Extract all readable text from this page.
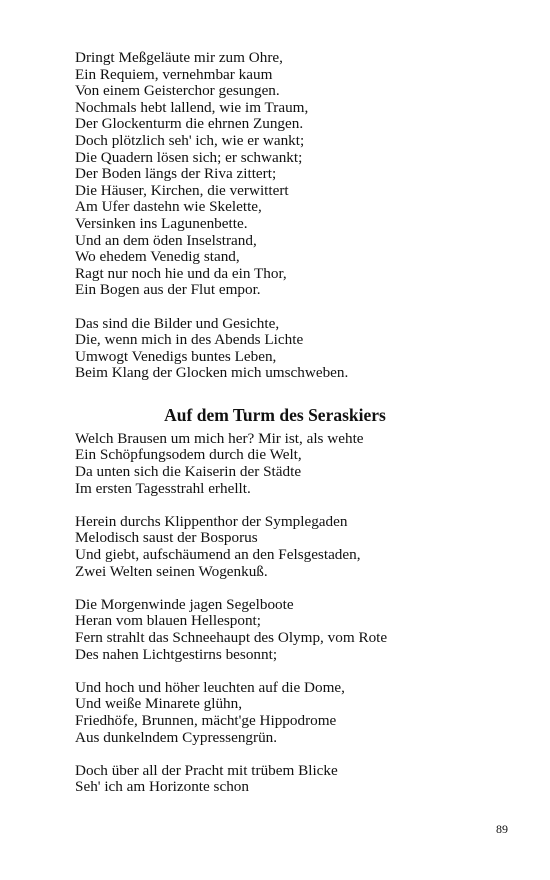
Dringt Meßgeläute mir zum Ohre,
Ein Requiem, vernehmbar kaum
Von einem Geisterchor gesungen.
Nochmals hebt lallend, wie im Traum,
Der Glockenturm die ehrnen Zungen.
Doch plötzlich seh' ich, wie er wankt;
Die Quadern lösen sich; er schwankt;
Der Boden längs der Riva zittert;
Die Häuser, Kirchen, die verwittert
Am Ufer dastehn wie Skelette,
Versinken ins Lagunenbette.
Und an dem öden Inselstrand,
Wo ehedem Venedig stand,
Ragt nur noch hie und da ein Thor,
Ein Bogen aus der Flut empor.
Das sind die Bilder und Gesichte,
Die, wenn mich in des Abends Lichte
Umwogt Venedigs buntes Leben,
Beim Klang der Glocken mich umschweben.
Auf dem Turm des Seraskiers
Welch Brausen um mich her? Mir ist, als wehte
Ein Schöpfungsodem durch die Welt,
Da unten sich die Kaiserin der Städte
Im ersten Tagesstrahl erhellt.
Herein durchs Klippenthor der Symplegaden
Melodisch saust der Bosporus
Und giebt, aufschäumend an den Felsgestaden,
Zwei Welten seinen Wogenkuß.
Die Morgenwinde jagen Segelboote
Heran vom blauen Hellespont;
Fern strahlt das Schneehaupt des Olymp, vom Rote
Des nahen Lichtgestirns besonnt;
Und hoch und höher leuchten auf die Dome,
Und weiße Minarete glühn,
Friedhöfe, Brunnen, mächt'ge Hippodrome
Aus dunkelndem Cypressengrün.
Doch über all der Pracht mit trübem Blicke
Seh' ich am Horizonte schon
89
